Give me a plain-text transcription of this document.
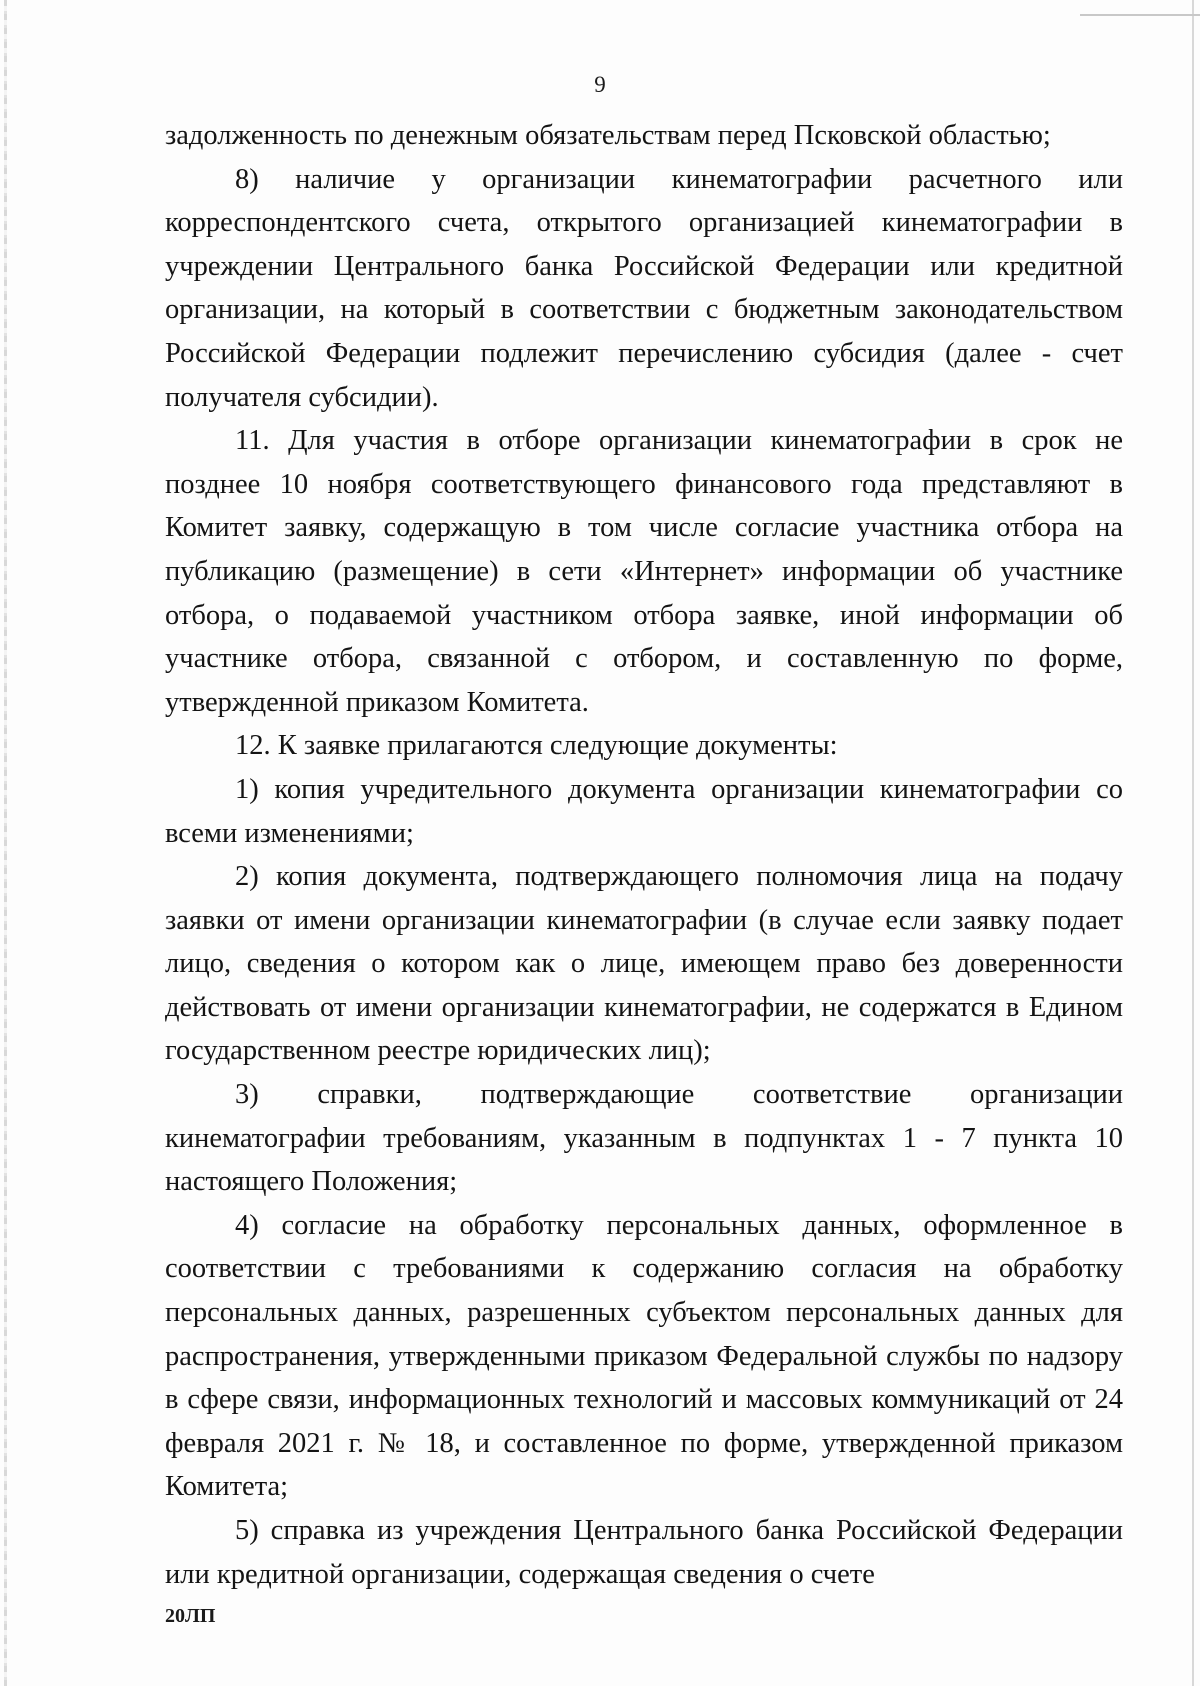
9

задолженность по денежным обязательствам перед Псковской областью;

8) наличие у организации кинематографии расчетного или корреспондентского счета, открытого организацией кинематографии в учреждении Центрального банка Российской Федерации или кредитной организации, на который в соответствии с бюджетным законодательством Российской Федерации подлежит перечислению субсидия (далее - счет получателя субсидии).

11. Для участия в отборе организации кинематографии в срок не позднее 10 ноября соответствующего финансового года представляют в Комитет заявку, содержащую в том числе согласие участника отбора на публикацию (размещение) в сети «Интернет» информации об участнике отбора, о подаваемой участником отбора заявке, иной информации об участнике отбора, связанной с отбором, и составленную по форме, утвержденной приказом Комитета.

12. К заявке прилагаются следующие документы:

1) копия учредительного документа организации кинематографии со всеми изменениями;

2) копия документа, подтверждающего полномочия лица на подачу заявки от имени организации кинематографии (в случае если заявку подает лицо, сведения о котором как о лице, имеющем право без доверенности действовать от имени организации кинематографии, не содержатся в Едином государственном реестре юридических лиц);

3) справки, подтверждающие соответствие организации кинематографии требованиям, указанным в подпунктах 1 - 7 пункта 10 настоящего Положения;

4) согласие на обработку персональных данных, оформленное в соответствии с требованиями к содержанию согласия на обработку персональных данных, разрешенных субъектом персональных данных для распространения, утвержденными приказом Федеральной службы по надзору в сфере связи, информационных технологий и массовых коммуникаций от 24 февраля 2021 г. № 18, и составленное по форме, утвержденной приказом Комитета;

5) справка из учреждения Центрального банка Российской Федерации или кредитной организации, содержащая сведения о счете

20ЛП
